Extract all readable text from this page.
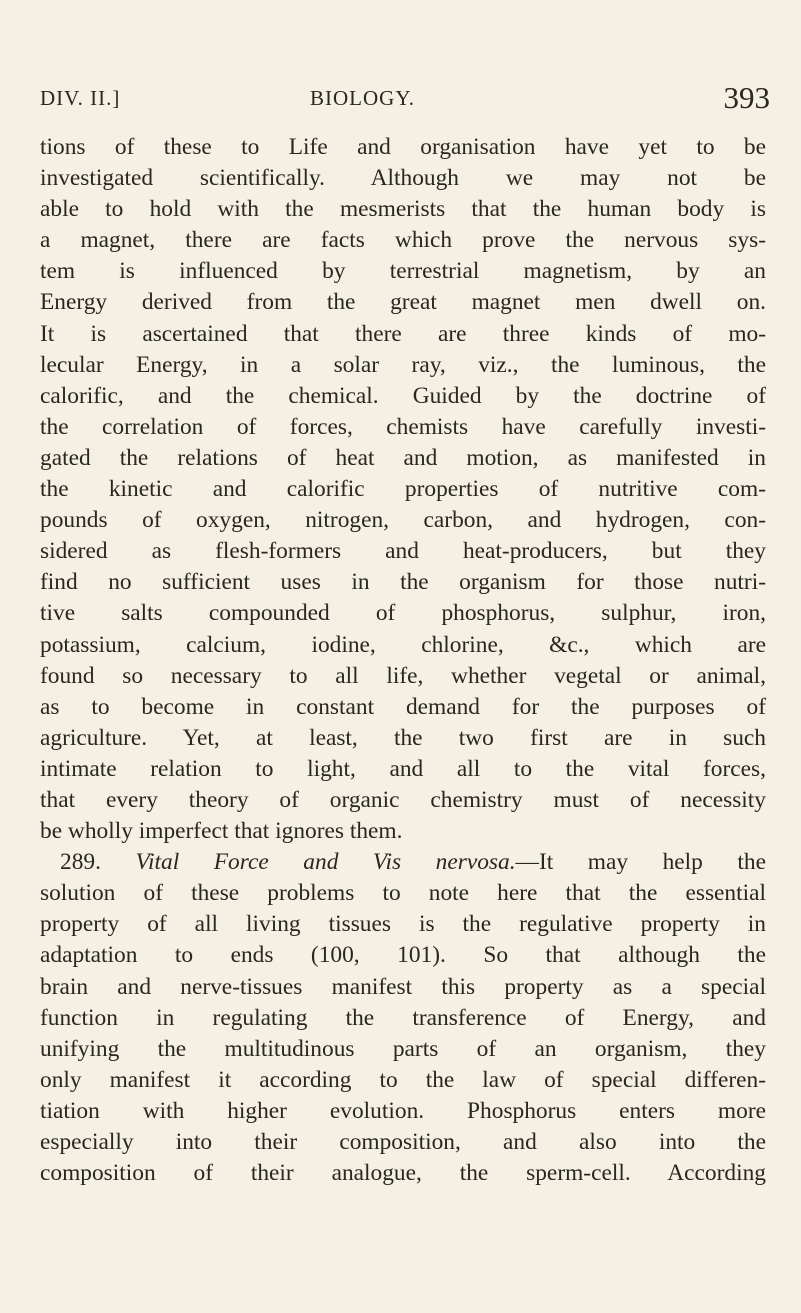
DIV. II.]	BIOLOGY.	393
tions of these to Life and organisation have yet to be
investigated scientifically. Although we may not be
able to hold with the mesmerists that the human body is
a magnet, there are facts which prove the nervous sys-
tem is influenced by terrestrial magnetism, by an
Energy derived from the great magnet men dwell on.
It is ascertained that there are three kinds of mo-
lecular Energy, in a solar ray, viz., the luminous, the
calorific, and the chemical. Guided by the doctrine of
the correlation of forces, chemists have carefully investi-
gated the relations of heat and motion, as manifested in
the kinetic and calorific properties of nutritive com-
pounds of oxygen, nitrogen, carbon, and hydrogen, con-
sidered as flesh-formers and heat-producers, but they
find no sufficient uses in the organism for those nutri-
tive salts compounded of phosphorus, sulphur, iron,
potassium, calcium, iodine, chlorine, &c., which are
found so necessary to all life, whether vegetal or animal,
as to become in constant demand for the purposes of
agriculture. Yet, at least, the two first are in such
intimate relation to light, and all to the vital forces,
that every theory of organic chemistry must of necessity
be wholly imperfect that ignores them.
289. Vital Force and Vis nervosa.—It may help the
solution of these problems to note here that the essential
property of all living tissues is the regulative property in
adaptation to ends (100, 101). So that although the
brain and nerve-tissues manifest this property as a special
function in regulating the transference of Energy, and
unifying the multitudinous parts of an organism, they
only manifest it according to the law of special differen-
tiation with higher evolution. Phosphorus enters more
especially into their composition, and also into the
composition of their analogue, the sperm-cell. According
